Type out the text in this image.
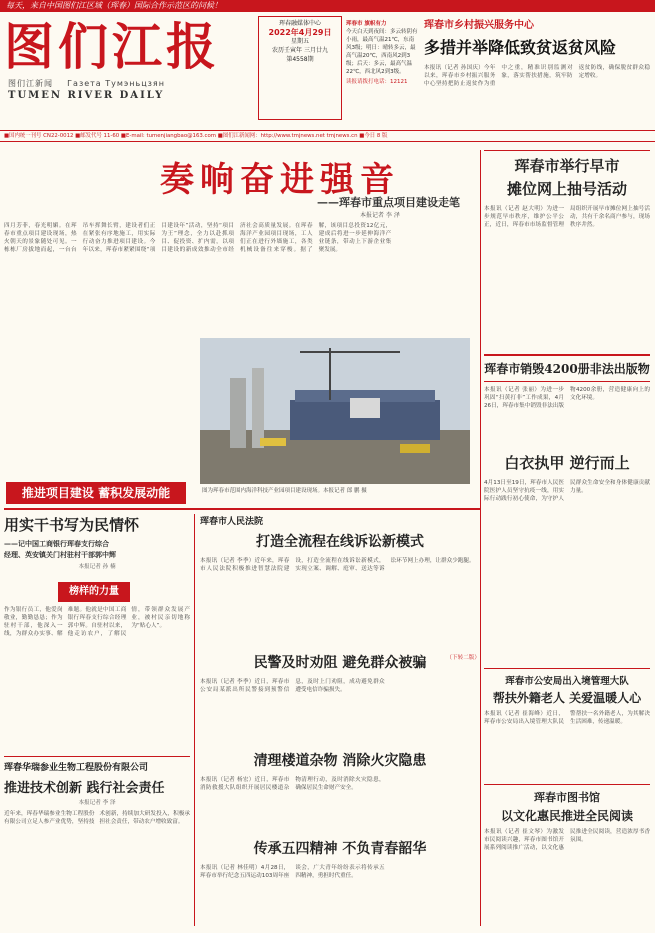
每天，来自中国图们江区域（珲春）国际合作示范区的问候！
图们江报
图们江新闻 Газета Тумэньцзян
TUMEN RIVER DAILY
珲春融媒体中心
2022年4月29日
星期五
农历壬寅年 三月廿九
第4558期
珲春市 旗帜有力
今天白天到夜间：多云转阴有小雨，最高气温21℃，东南风3级；明日：晴转多云，最高气温20℃，西南风2到3级；后天：多云，最高气温22℃，西北风2到3级。
读报请拨打电话：12121
珲春市乡村振兴服务中心
多措并举降低致贫返贫风险
本报讯（记者 孙国庆）今年以来，珲春市乡村振兴服务中心坚持把防止返贫作为重中之重，精准识别监测对象，落实帮扶措施，筑牢防返贫防线，确保脱贫群众稳定增收。
■国内统一刊号 CN22-0012 ■邮发代号 11-60 ■E-mail: tumenjiangbao@163.com ■图们江新闻网：http://www.tmjnews.net tmjnews.cn ■今日 8 版
奏响奋进强音
——珲春市重点项目建设走笔
本报记者 李 泽
四月芳菲，春光明媚。在珲春市重点项目建设现场，热火朝天的景象随处可见。一栋栋厂房拔地而起，一台台吊车挥舞长臂，建设者们正在紧张有序地施工，用实际行动奋力推进项目建设。今年以来，珲春市紧紧围绕“项目建设年”活动，坚持“项目为王”理念，全力以赴抓项目、促投资、扩内需，以项目建设的新成效推动全市经济社会高质量发展。在珲春海洋产业园项目现场，工人们正在进行外墙施工，各类机械设备往来穿梭。据了解，该项目总投资12亿元，建成后将进一步延伸海洋产业链条，带动上下游企业集聚发展。
图为珲春市范围内海洋科技产业园项目建设现场。本报记者 郎 鹏 摄
推进项目建设 蓄积发展动能
珲春市举行早市
摊位网上抽号活动
本报讯（记者 赵大明）为进一步规范早市秩序，维护公平公正，近日，珲春市市场监督管理局组织开展早市摊位网上抽号活动，共有千余名商户参与，现场秩序井然。
珲春市销毁4200册非法出版物
本报讯（记者 张丽）为进一步巩固“扫黄打非”工作成果，4月26日，珲春市集中销毁非法出版物4200余册，营造健康向上的文化环境。
白衣执甲 逆行而上
4月13日至19日，珲春市人民医院医护人员坚守抗疫一线，用实际行动践行初心使命，为守护人民群众生命安全和身体健康贡献力量。
用实干书写为民情怀
——记中国工商银行珲春支行综合
经理、英安镇关门村驻村干部郭中辉
本报记者 孙 楠
榜样的力量
作为银行员工，他爱岗敬业，勤勤恳恳；作为驻村干部，他深入一线，为群众办实事、解难题。他就是中国工商银行珲春支行综合经理郭中辉。自驻村以来，他走访农户，了解民情，带领群众发展产业，被村民亲切地称为“贴心人”。
珲春华瑞参业生物工程股份有限公司
推进技术创新 践行社会责任
本报记者 李 泽
近年来，珲春华瑞参业生物工程股份有限公司立足人参产业优势，坚持技术创新，持续加大研发投入，积极承担社会责任，带动农户增收致富。
珲春市人民法院
打造全流程在线诉讼新模式
本报讯（记者 李季）近年来，珲春市人民法院积极推进智慧法院建设，打造全流程在线诉讼新模式，实现立案、调解、庭审、送达等诉讼环节网上办理，让群众少跑腿。
（下转二版）
民警及时劝阻 避免群众被骗
本报讯（记者 李季）近日，珲春市公安局某派出所民警接到预警信息，及时上门劝阻，成功避免群众遭受电信诈骗损失。
清理楼道杂物 消除火灾隐患
本报讯（记者 杨宏）近日，珲春市消防救援大队组织开展居民楼道杂物清理行动，及时消除火灾隐患，确保居民生命财产安全。
传承五四精神 不负青春韶华
本报讯（记者 林佳明）4月28日，珲春市举行纪念五四运动103周年座谈会，广大青年纷纷表示将传承五四精神，勇担时代重任。
珲春市公安局出入境管理大队
帮扶外籍老人 关爱温暖人心
本报讯（记者 崔海峰）近日，珲春市公安局出入境管理大队民警帮扶一名外籍老人，为其解决生活困难，传递温暖。
珲春市图书馆
以文化惠民推进全民阅读
本报讯（记者 崔文琴）为激发市民阅读兴趣，珲春市图书馆开展系列阅读推广活动，以文化惠民推进全民阅读，营造浓厚书香氛围。
